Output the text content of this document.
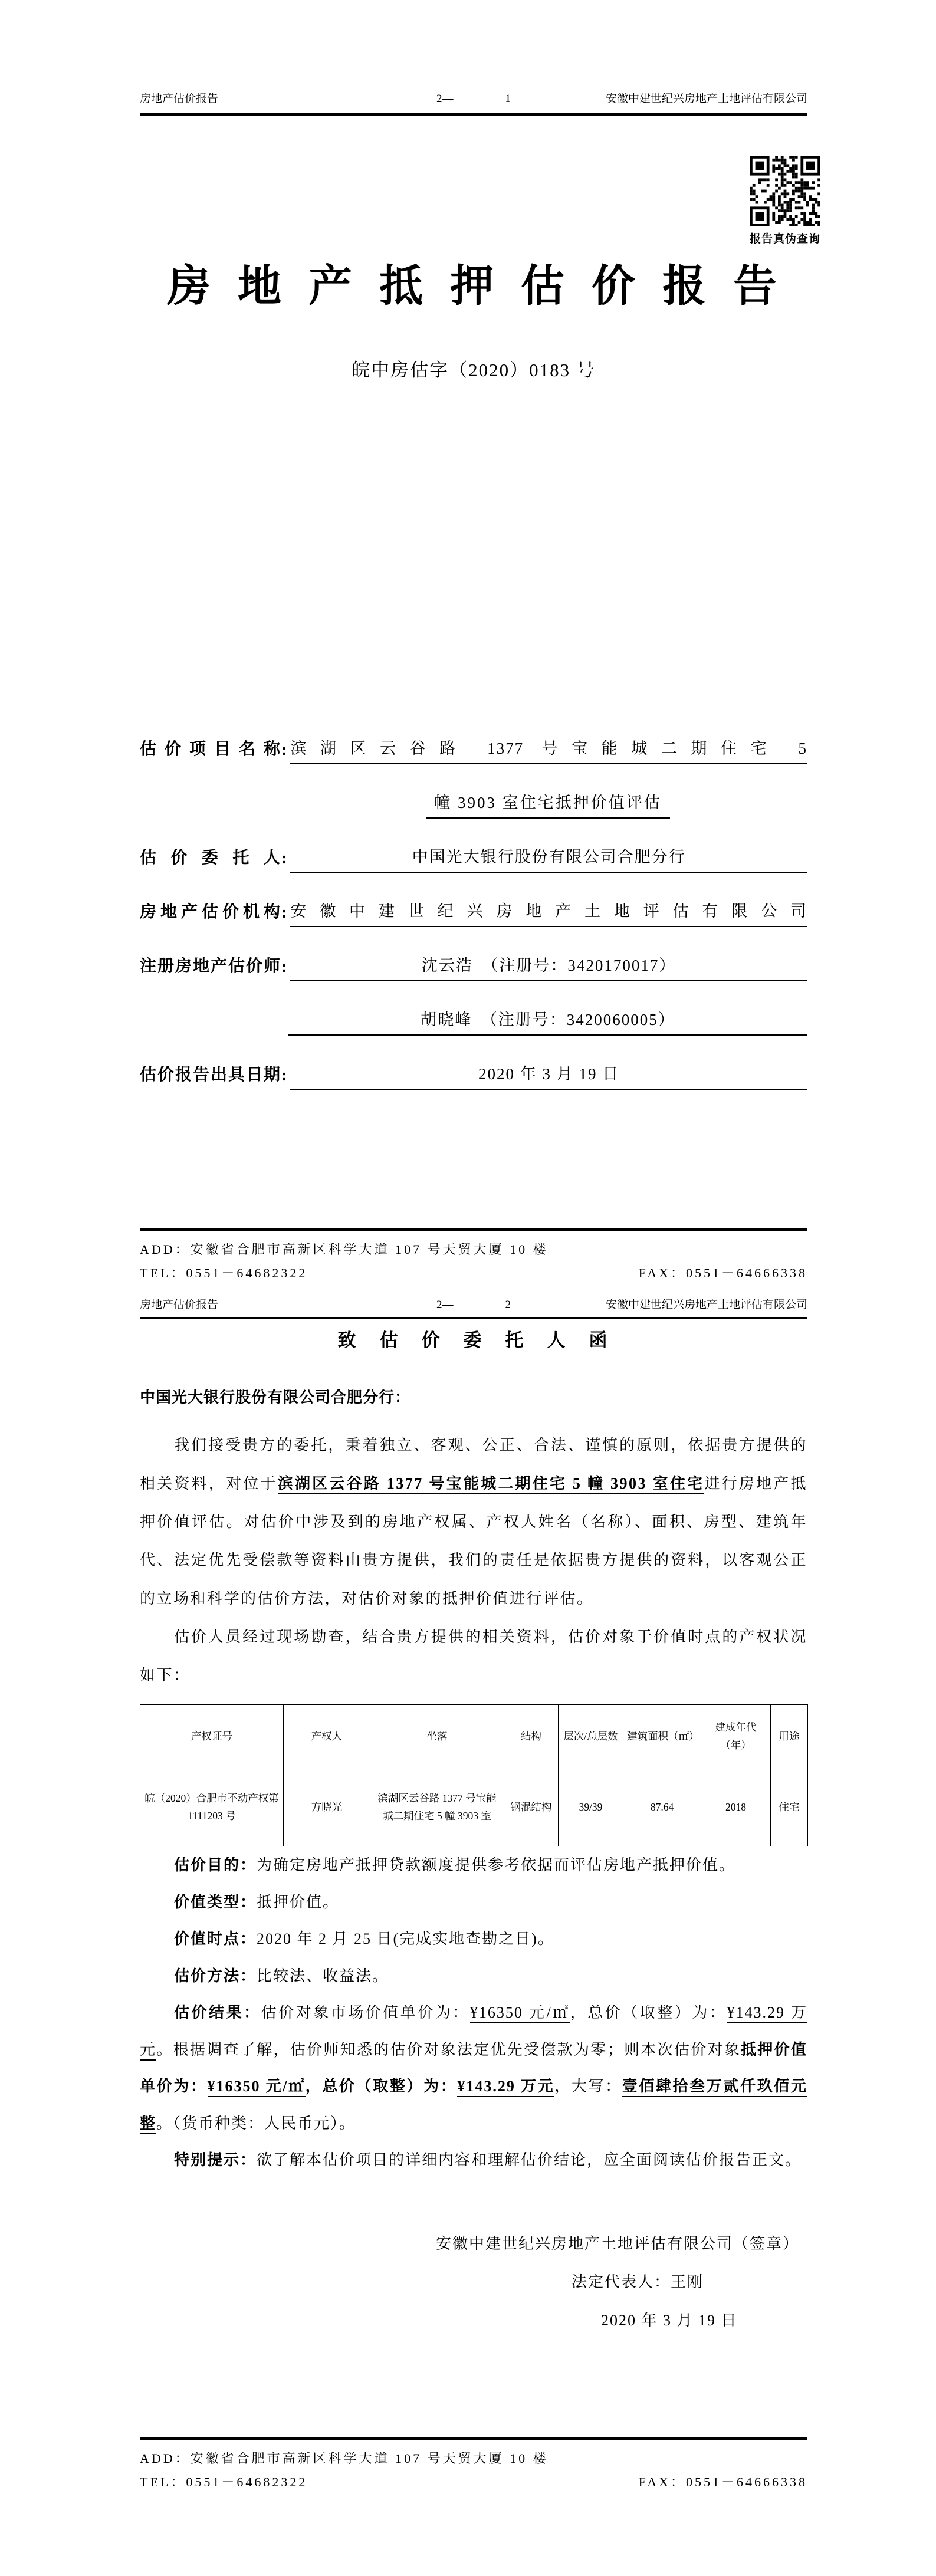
房地产估价报告	2—	1	安徽中建世纪兴房地产土地评估有限公司
报告真伪查询
房地产抵押估价报告
皖中房估字（2020）0183 号
估价项目名称 : 滨湖区云谷路 1377 号宝能城二期住宅 5
幢 3903 室住宅抵押价值评估
估价委托人 :	中国光大银行股份有限公司合肥分行
房地产估价机构 : 安徽中建世纪兴房地产土地评估有限公司
注册房地产估价师 :	沈云浩　（注册号：3420170017）
胡晓峰　（注册号：3420060005）
估价报告出具日期 :	2020 年 3 月 19 日
ADD：安徽省合肥市高新区科学大道 107 号天贸大厦 10 楼
TEL：0551－64682322	FAX：0551－64666338
房地产估价报告	2—	2	安徽中建世纪兴房地产土地评估有限公司
致估价委托人函
中国光大银行股份有限公司合肥分行：

我们接受贵方的委托，秉着独立、客观、公正、合法、谨慎的原则，依据贵方提供的相关资料，对位于滨湖区云谷路 1377 号宝能城二期住宅 5 幢 3903 室住宅进行房地产抵押价值评估。对估价中涉及到的房地产权属、产权人姓名（名称）、面积、房型、建筑年代、法定优先受偿款等资料由贵方提供，我们的责任是依据贵方提供的资料，以客观公正的立场和科学的估价方法，对估价对象的抵押价值进行评估。

估价人员经过现场勘查，结合贵方提供的相关资料，估价对象于价值时点的产权状况如下：

产权证号	产权人	坐落	结构	层次/总层数	建筑面积（㎡）	建成年代（年）	用途
皖（2020）合肥市不动产权第 1111203 号	方晓光	滨湖区云谷路 1377 号宝能城二期住宅 5 幢 3903 室	钢混结构	39/39	87.64	2018	住宅

估价目的：为确定房地产抵押贷款额度提供参考依据而评估房地产抵押价值。

价值类型：抵押价值。

价值时点：2020 年 2 月 25 日(完成实地查勘之日)。

估价方法：比较法、收益法。

估价结果：估价对象市场价值单价为：¥16350 元/㎡，总价（取整）为：¥143.29 万元。根据调查了解，估价师知悉的估价对象法定优先受偿款为零；则本次估价对象抵押价值单价为：¥16350 元/㎡，总价（取整）为：¥143.29 万元，大写：壹佰肆拾叁万贰仟玖佰元整。（货币种类：人民币元）。

特别提示：欲了解本估价项目的详细内容和理解估价结论，应全面阅读估价报告正文。

安徽中建世纪兴房地产土地评估有限公司（签章）
法定代表人：王刚
2020 年 3 月 19 日
ADD：安徽省合肥市高新区科学大道 107 号天贸大厦 10 楼
TEL：0551－64682322	FAX：0551－64666338
